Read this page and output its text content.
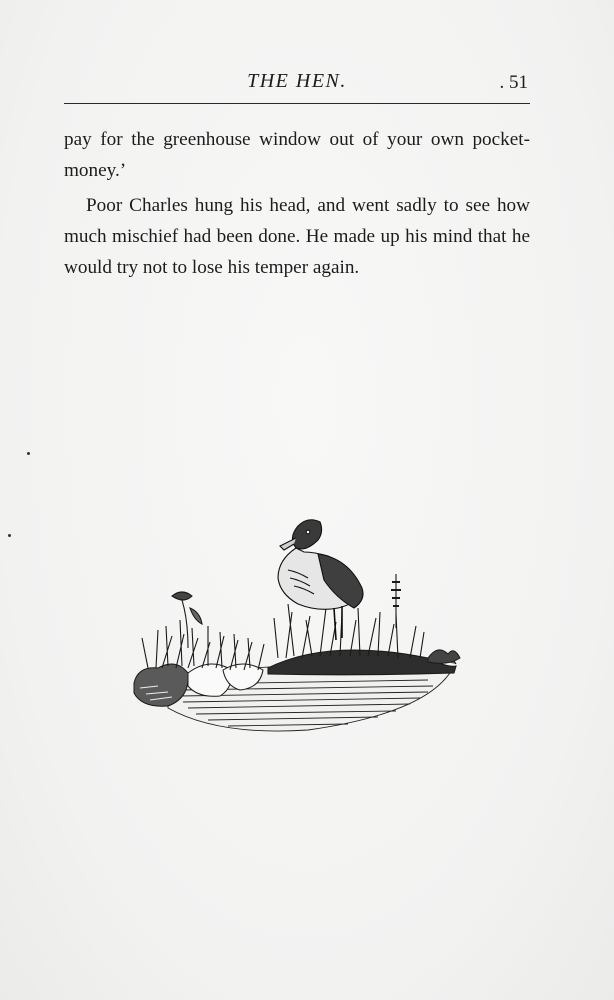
THE HEN.	. 51

pay for the greenhouse window out of your own pocket-money.’

Poor Charles hung his head, and went sadly to see how much mischief had been done. He made up his mind that he would try not to lose his temper again.
